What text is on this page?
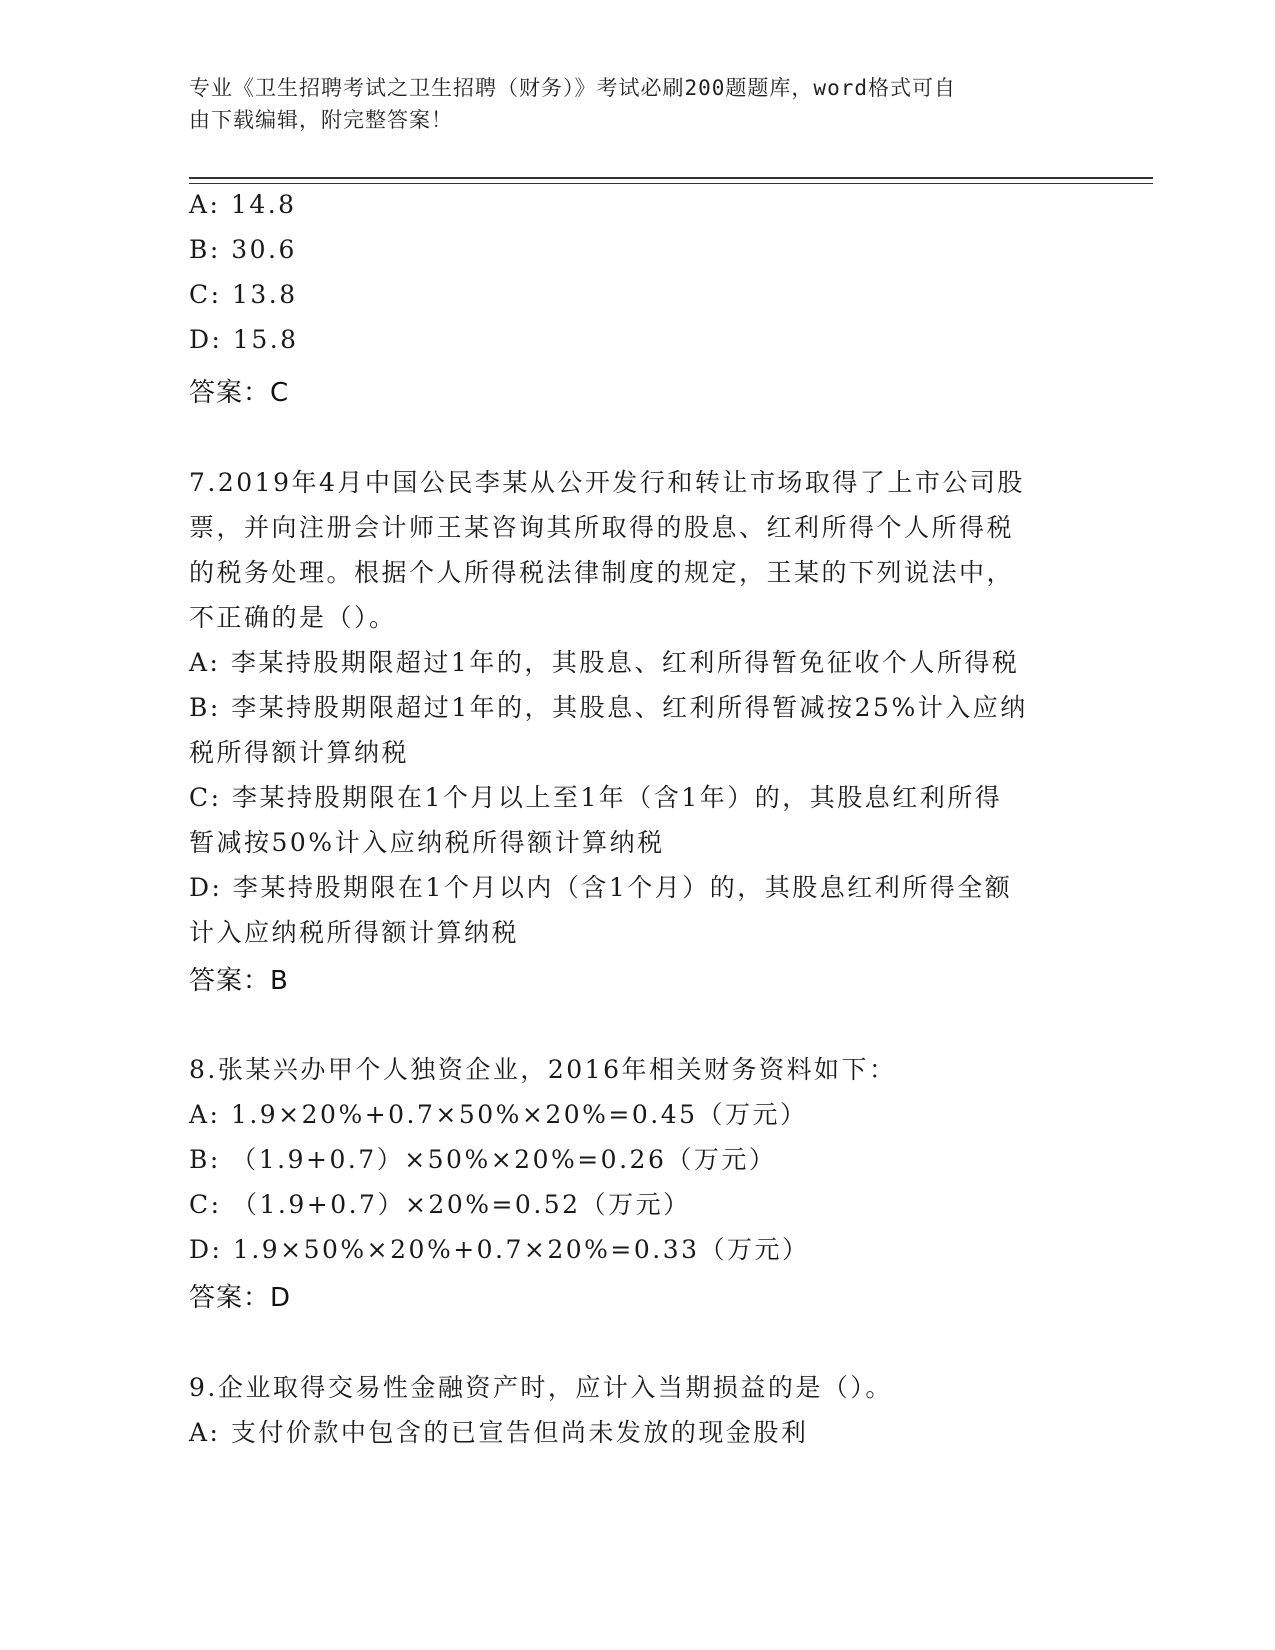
专业《卫生招聘考试之卫生招聘（财务）》考试必刷200题题库，word格式可自
由下载编辑，附完整答案！
A: 14.8
B: 30.6
C: 13.8
D: 15.8
答案：C
7.2019年4月中国公民李某从公开发行和转让市场取得了上市公司股
票，并向注册会计师王某咨询其所取得的股息、红利所得个人所得税
的税务处理。根据个人所得税法律制度的规定，王某的下列说法中，
不正确的是（）。
A: 李某持股期限超过1年的，其股息、红利所得暂免征收个人所得税
B: 李某持股期限超过1年的，其股息、红利所得暂减按25%计入应纳
税所得额计算纳税
C: 李某持股期限在1个月以上至1年（含1年）的，其股息红利所得
暂减按50%计入应纳税所得额计算纳税
D: 李某持股期限在1个月以内（含1个月）的，其股息红利所得全额
计入应纳税所得额计算纳税
答案：B
8.张某兴办甲个人独资企业，2016年相关财务资料如下：
A: 1.9×20%+0.7×50%×20%=0.45（万元）
B: （1.9+0.7）×50%×20%=0.26（万元）
C: （1.9+0.7）×20%=0.52（万元）
D: 1.9×50%×20%+0.7×20%=0.33（万元）
答案：D
9.企业取得交易性金融资产时，应计入当期损益的是（）。
A: 支付价款中包含的已宣告但尚未发放的现金股利
